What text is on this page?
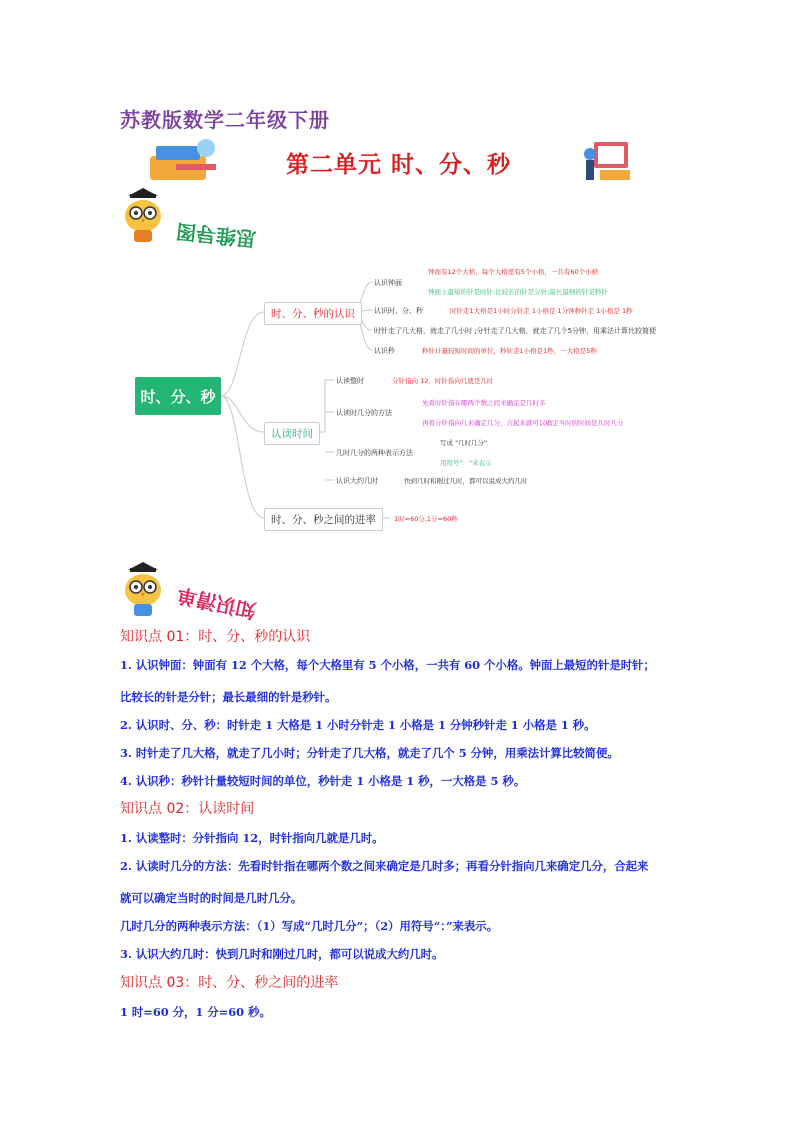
苏教版数学二年级下册
第二单元 时、分、秒
思维导图
时、分、秒
时、分、秒的认识
认读时间
时、分、秒之间的进率
认识钟面
钟面有12个大格，每个大格里有5个小格，一共有60个小格
钟面上最短的针是时针;比较长的针是分针;最长最细的针是秒针
认识时、分、秒	时针走1大格是1小时分针走 1小格是 1分钟秒针走 1小格是 1秒
时针走了几大格，就走了几小时 ;分针走了几大格，就走了几个5分钟，用乘法计算比较简便
认识秒	秒针计量较短时间的单位，秒针走1小格是1秒，一大格是5秒
认读整时	分针指向 12，时针指向几就是几时
认读时几分的方法
先看时针指在哪两个数之间来确定是几时多
再看分针指向几来确定几分，合起来就可以确定当时的时间是几时几分
几时几分的两种表示方法
写成 "几时几分"
用符号"："来表示
认识大约几时	快到几时和刚过几时，都可以说成大约几时
1时=60分,1分=60秒
知识清单
知识点 01：时、分、秒的认识
1. 认识钟面：钟面有 12 个大格，每个大格里有 5 个小格，一共有 60 个小格。钟面上最短的针是时针；
比较长的针是分针；最长最细的针是秒针。
2. 认识时、分、秒：时针走 1 大格是 1 小时分针走 1 小格是 1 分钟秒针走 1 小格是 1 秒。
3. 时针走了几大格，就走了几小时；分针走了几大格，就走了几个 5 分钟，用乘法计算比较简便。
4. 认识秒：秒针计量较短时间的单位，秒针走 1 小格是 1 秒，一大格是 5 秒。
知识点 02：认读时间
1. 认读整时：分针指向 12，时针指向几就是几时。
2. 认读时几分的方法：先看时针指在哪两个数之间来确定是几时多；再看分针指向几来确定几分，合起来
就可以确定当时的时间是几时几分。
几时几分的两种表示方法：（1）写成“几时几分”；（2）用符号“：”来表示。
3. 认识大约几时：快到几时和刚过几时，都可以说成大约几时。
知识点 03：时、分、秒之间的进率
1 时=60 分，1 分=60 秒。
